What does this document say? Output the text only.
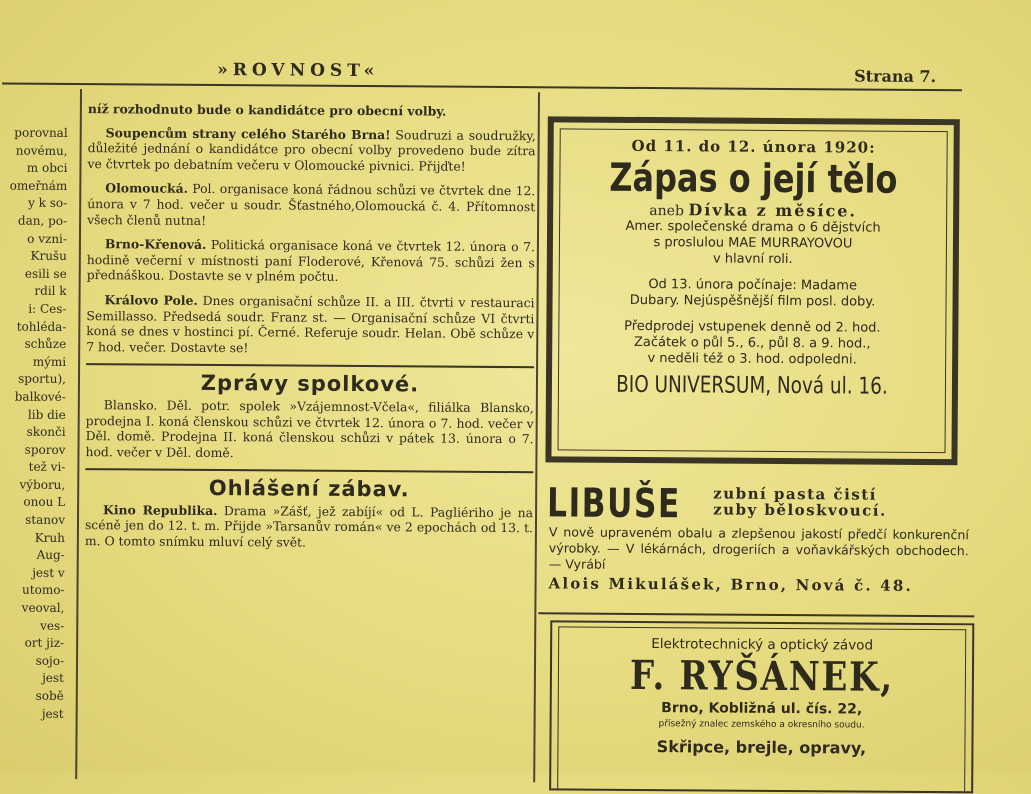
»ROVNOST«	Strana 7.
porovnal
novému,
m obci
omeřnám
y k so-
dan, po-
o vzni-
Krušu
esili se
rdil k
i: Ces-
tohléda-
schůze
mými
sportu),
balkové-
lib die
skonči
sporov
tež vi-
výboru,
onou L
stanov
Kruh
Aug-
jest v
utomo-
veoval,
ves-
ort jiz-
sojo-
jest
sobě
jest

níž rozhodnuto bude o kandidátce pro obecní volby.

Soupencům strany celého Starého Brna! Soudruzi a soudružky, důležité jednání o kandidátce pro obecní volby provedeno bude zítra ve čtvrtek po debatním večeru v Olomoucké pivnici. Přijďte!

Olomoucká. Pol. organisace koná řádnou schůzi ve čtvrtek dne 12. února v 7 hod. večer u soudr. Šťastného,Olomoucká č. 4. Přítomnost všech členů nutna!

Brno-Křenová. Politická organisace koná ve čtvrtek 12. února o 7. hodině večerní v místnosti paní Floderové, Křenová 75. schůzi žen s přednáškou. Dostavte se v plném počtu.

Královo Pole. Dnes organisační schůze II. a III. čtvrti v restauraci Semillasso. Předsedá soudr. Franz st. — Organisační schůze VI čtvrti koná se dnes v hostinci pí. Černé. Referuje soudr. Helan. Obě schůze v 7 hod. večer. Dostavte se!

Zprávy spolkové.

Blansko. Děl. potr. spolek »Vzájemnost-Včela«, filiálka Blansko, prodejna I. koná členskou schůzi ve čtvrtek 12. února o 7. hod. večer v Děl. domě. Prodejna II. koná členskou schůzi v pátek 13. února o 7. hod. večer v Děl. domě.

Ohlášení zábav.

Kino Republika. Drama »Zášť, jež zabíjí« od L. Pagliériho je na scéně jen do 12. t. m. Přijde »Tarsanův román« ve 2 epochách od 13. t. m. O tomto snímku mluví celý svět.

Od 11. do 12. února 1920:
Zápas o její tělo
aneb Dívka z měsíce.
Amer. společenské drama o 6 dějstvích
s proslulou MAE MURRAYOVOU
v hlavní roli.
Od 13. února počínaje: Madame
Dubary. Nejúspěšnější film posl. doby.
Předprodej vstupenek denně od 2. hod.
Začátek o půl 5., 6., půl 8. a 9. hod.,
v neděli též o 3. hod. odpoledni.
BIO UNIVERSUM, Nová ul. 16.
LIBUŠE zubní pasta čistí
zuby běloskvoucí.
V nově upraveném obalu a zlepšenou jakostí předčí konkurenční výrobky. — V lékárnách, drogeriích a voňavkářských obchodech. — Vyrábí
Alois Mikulášek, Brno, Nová č. 48.
Elektrotechnický a optický závod
F. RYŠÁNEK,
Brno, Kobližná ul. čís. 22,
přísežný znalec zemského a okresního soudu.
Skřipce, brejle, opravy,
